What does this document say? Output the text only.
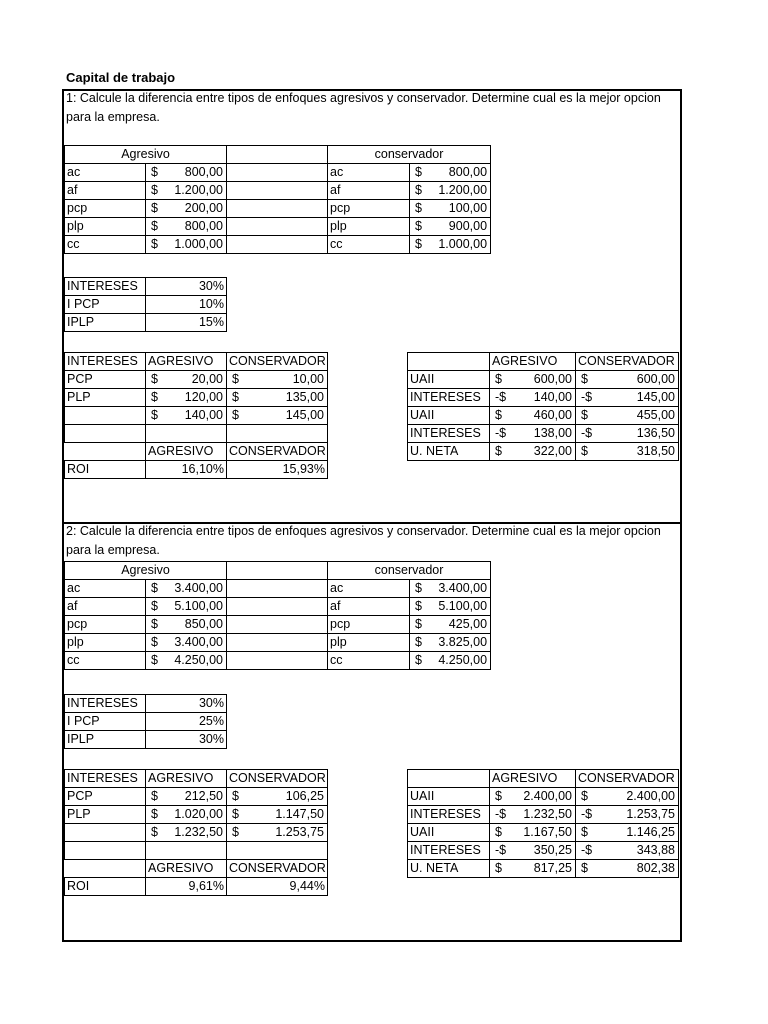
Capital de trabajo
1: Calcule la diferencia entre tipos de enfoques agresivos y conservador. Determine cual es la mejor opcion para la empresa.
2: Calcule la diferencia entre tipos de enfoques agresivos y conservador. Determine cual es la mejor opcion para la empresa.
Agresivo			conservador	
ac	$ 800,00		ac	$ 800,00

af	$ 1.200,00		af	$ 1.200,00

pcp	$ 200,00		pcp	$ 100,00

plp	$ 800,00		plp	$ 900,00

cc	$ 1.000,00		cc	$ 1.000,00
INTERESES	30%
I PCP	10%
IPLP	15%
INTERESES	AGRESIVO	CONSERVADOR
PCP	$ 20,00	$ 10,00

PLP	$ 120,00	$ 135,00

	$ 140,00	$ 145,00

	AGRESIVO	CONSERVADOR
ROI	16,10%	15,93%
	AGRESIVO	CONSERVADOR
UAII	$ 600,00	$ 600,00

INTERESES	-$ 140,00	-$ 145,00

UAII	$ 460,00	$ 455,00

INTERESES	-$ 138,00	-$ 136,50

U. NETA	$ 322,00	$ 318,50
Agresivo			conservador	
ac	$ 3.400,00		ac	$ 3.400,00

af	$ 5.100,00		af	$ 5.100,00

pcp	$ 850,00		pcp	$ 425,00

plp	$ 3.400,00		plp	$ 3.825,00

cc	$ 4.250,00		cc	$ 4.250,00
INTERESES	30%
I PCP	25%
IPLP	30%
INTERESES	AGRESIVO	CONSERVADOR
PCP	$ 212,50	$ 106,25

PLP	$ 1.020,00	$ 1.147,50

	$ 1.232,50	$ 1.253,75

	AGRESIVO	CONSERVADOR
ROI	9,61%	9,44%
	AGRESIVO	CONSERVADOR
UAII	$ 2.400,00	$ 2.400,00

INTERESES	-$ 1.232,50	-$ 1.253,75

UAII	$ 1.167,50	$ 1.146,25

INTERESES	-$ 350,25	-$ 343,88

U. NETA	$ 817,25	$ 802,38
